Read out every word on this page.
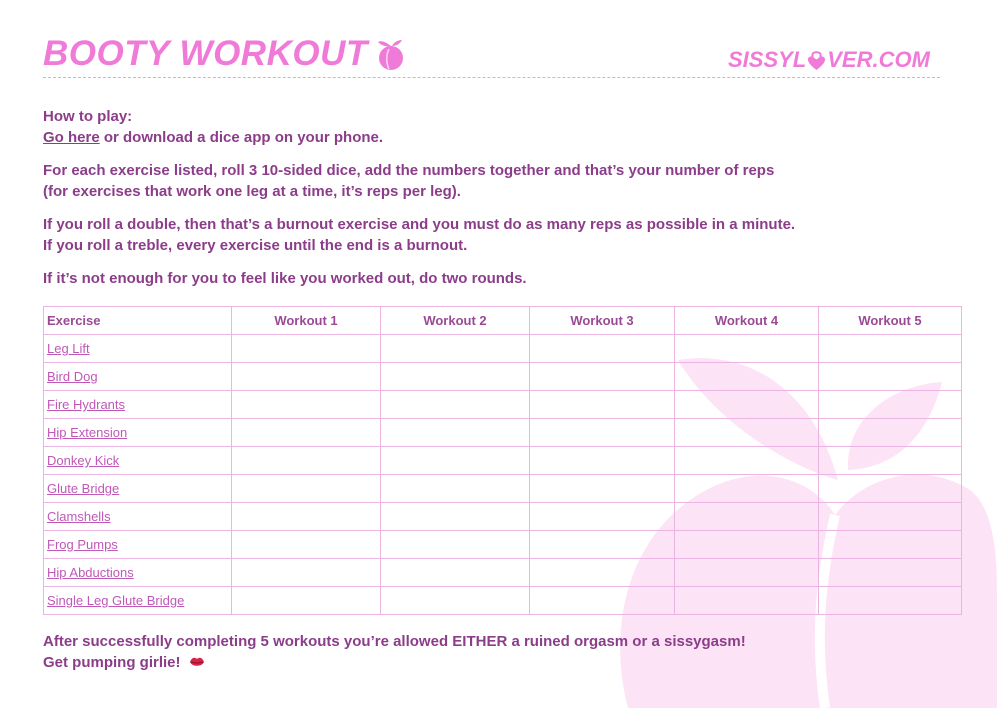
BOOTY WORKOUT	SISSYL VER.COM
How to play:
Go here or download a dice app on your phone.
For each exercise listed, roll 3 10-sided dice, add the numbers together and that’s your number of reps
(for exercises that work one leg at a time, it’s reps per leg).
If you roll a double, then that’s a burnout exercise and you must do as many reps as possible in a minute.
If you roll a treble, every exercise until the end is a burnout.
If it’s not enough for you to feel like you worked out, do two rounds.
Exercise	Workout 1	Workout 2	Workout 3	Workout 4	Workout 5
Leg Lift					
Bird Dog					
Fire Hydrants					
Hip Extension					
Donkey Kick					
Glute Bridge					
Clamshells					
Frog Pumps					
Hip Abductions					
Single Leg Glute Bridge					
After successfully completing 5 workouts you’re allowed EITHER a ruined orgasm or a sissygasm!
Get pumping girlie!
